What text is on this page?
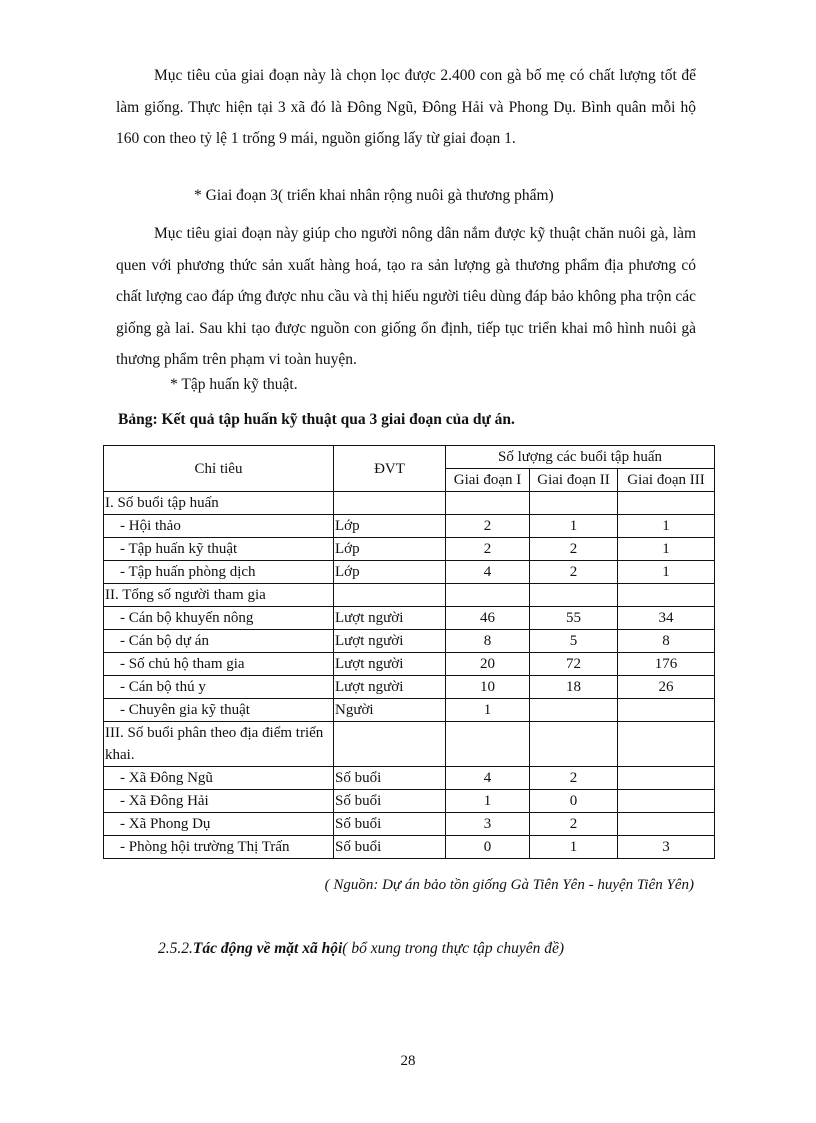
Mục tiêu của giai đoạn này là chọn lọc được 2.400 con gà bố mẹ có chất lượng tốt để làm giống. Thực hiện tại 3 xã đó là Đông Ngũ, Đông Hải và Phong Dụ. Bình quân mỗi hộ 160 con theo tỷ lệ 1 trống 9 mái, nguồn giống lấy từ giai đoạn 1.

* Giai đoạn 3( triển khai nhân rộng nuôi gà thương phẩm)

Mục tiêu giai đoạn này giúp cho người nông dân nắm được kỹ thuật chăn nuôi gà, làm quen với phương thức sản xuất hàng hoá, tạo ra sản lượng gà thương phẩm địa phương có chất lượng cao đáp ứng được nhu cầu và thị hiếu người tiêu dùng đáp bảo không pha trộn các giống gà lai. Sau khi tạo được nguồn con giống ổn định, tiếp tục triển khai mô hình nuôi gà thương phẩm trên phạm vi toàn huyện.

* Tập huấn kỹ thuật.

Bảng: Kết quả tập huấn kỹ thuật qua 3 giai đoạn của dự án.

Chỉ tiêu	ĐVT	Số lượng các buổi tập huấn		
		Giai đoạn I	Giai đoạn II	Giai đoạn III
I. Số buổi tập huấn				
- Hội thảo	Lớp	2	1	1
- Tập huấn kỹ thuật	Lớp	2	2	1
- Tập huấn phòng dịch	Lớp	4	2	1
II. Tổng số người tham gia				
- Cán bộ khuyến nông	Lượt người	46	55	34
- Cán bộ dự án	Lượt người	8	5	8
- Số chủ hộ tham gia	Lượt người	20	72	176
- Cán bộ thú y	Lượt người	10	18	26
- Chuyên gia kỹ thuật	Người	1		
III. Số buổi phân theo địa điểm triển khai.				
- Xã Đông Ngũ	Số buổi	4	2	
- Xã Đông Hải	Số buổi	1	0	
- Xã Phong Dụ	Số buổi	3	2	
- Phòng hội trường Thị Trấn	Số buổi	0	1	3

( Nguồn: Dự án bảo tồn giống Gà Tiên Yên - huyện Tiên Yên)

2.5.2.Tác động về mặt xã hội( bổ xung trong thực tập chuyên đề)

28
